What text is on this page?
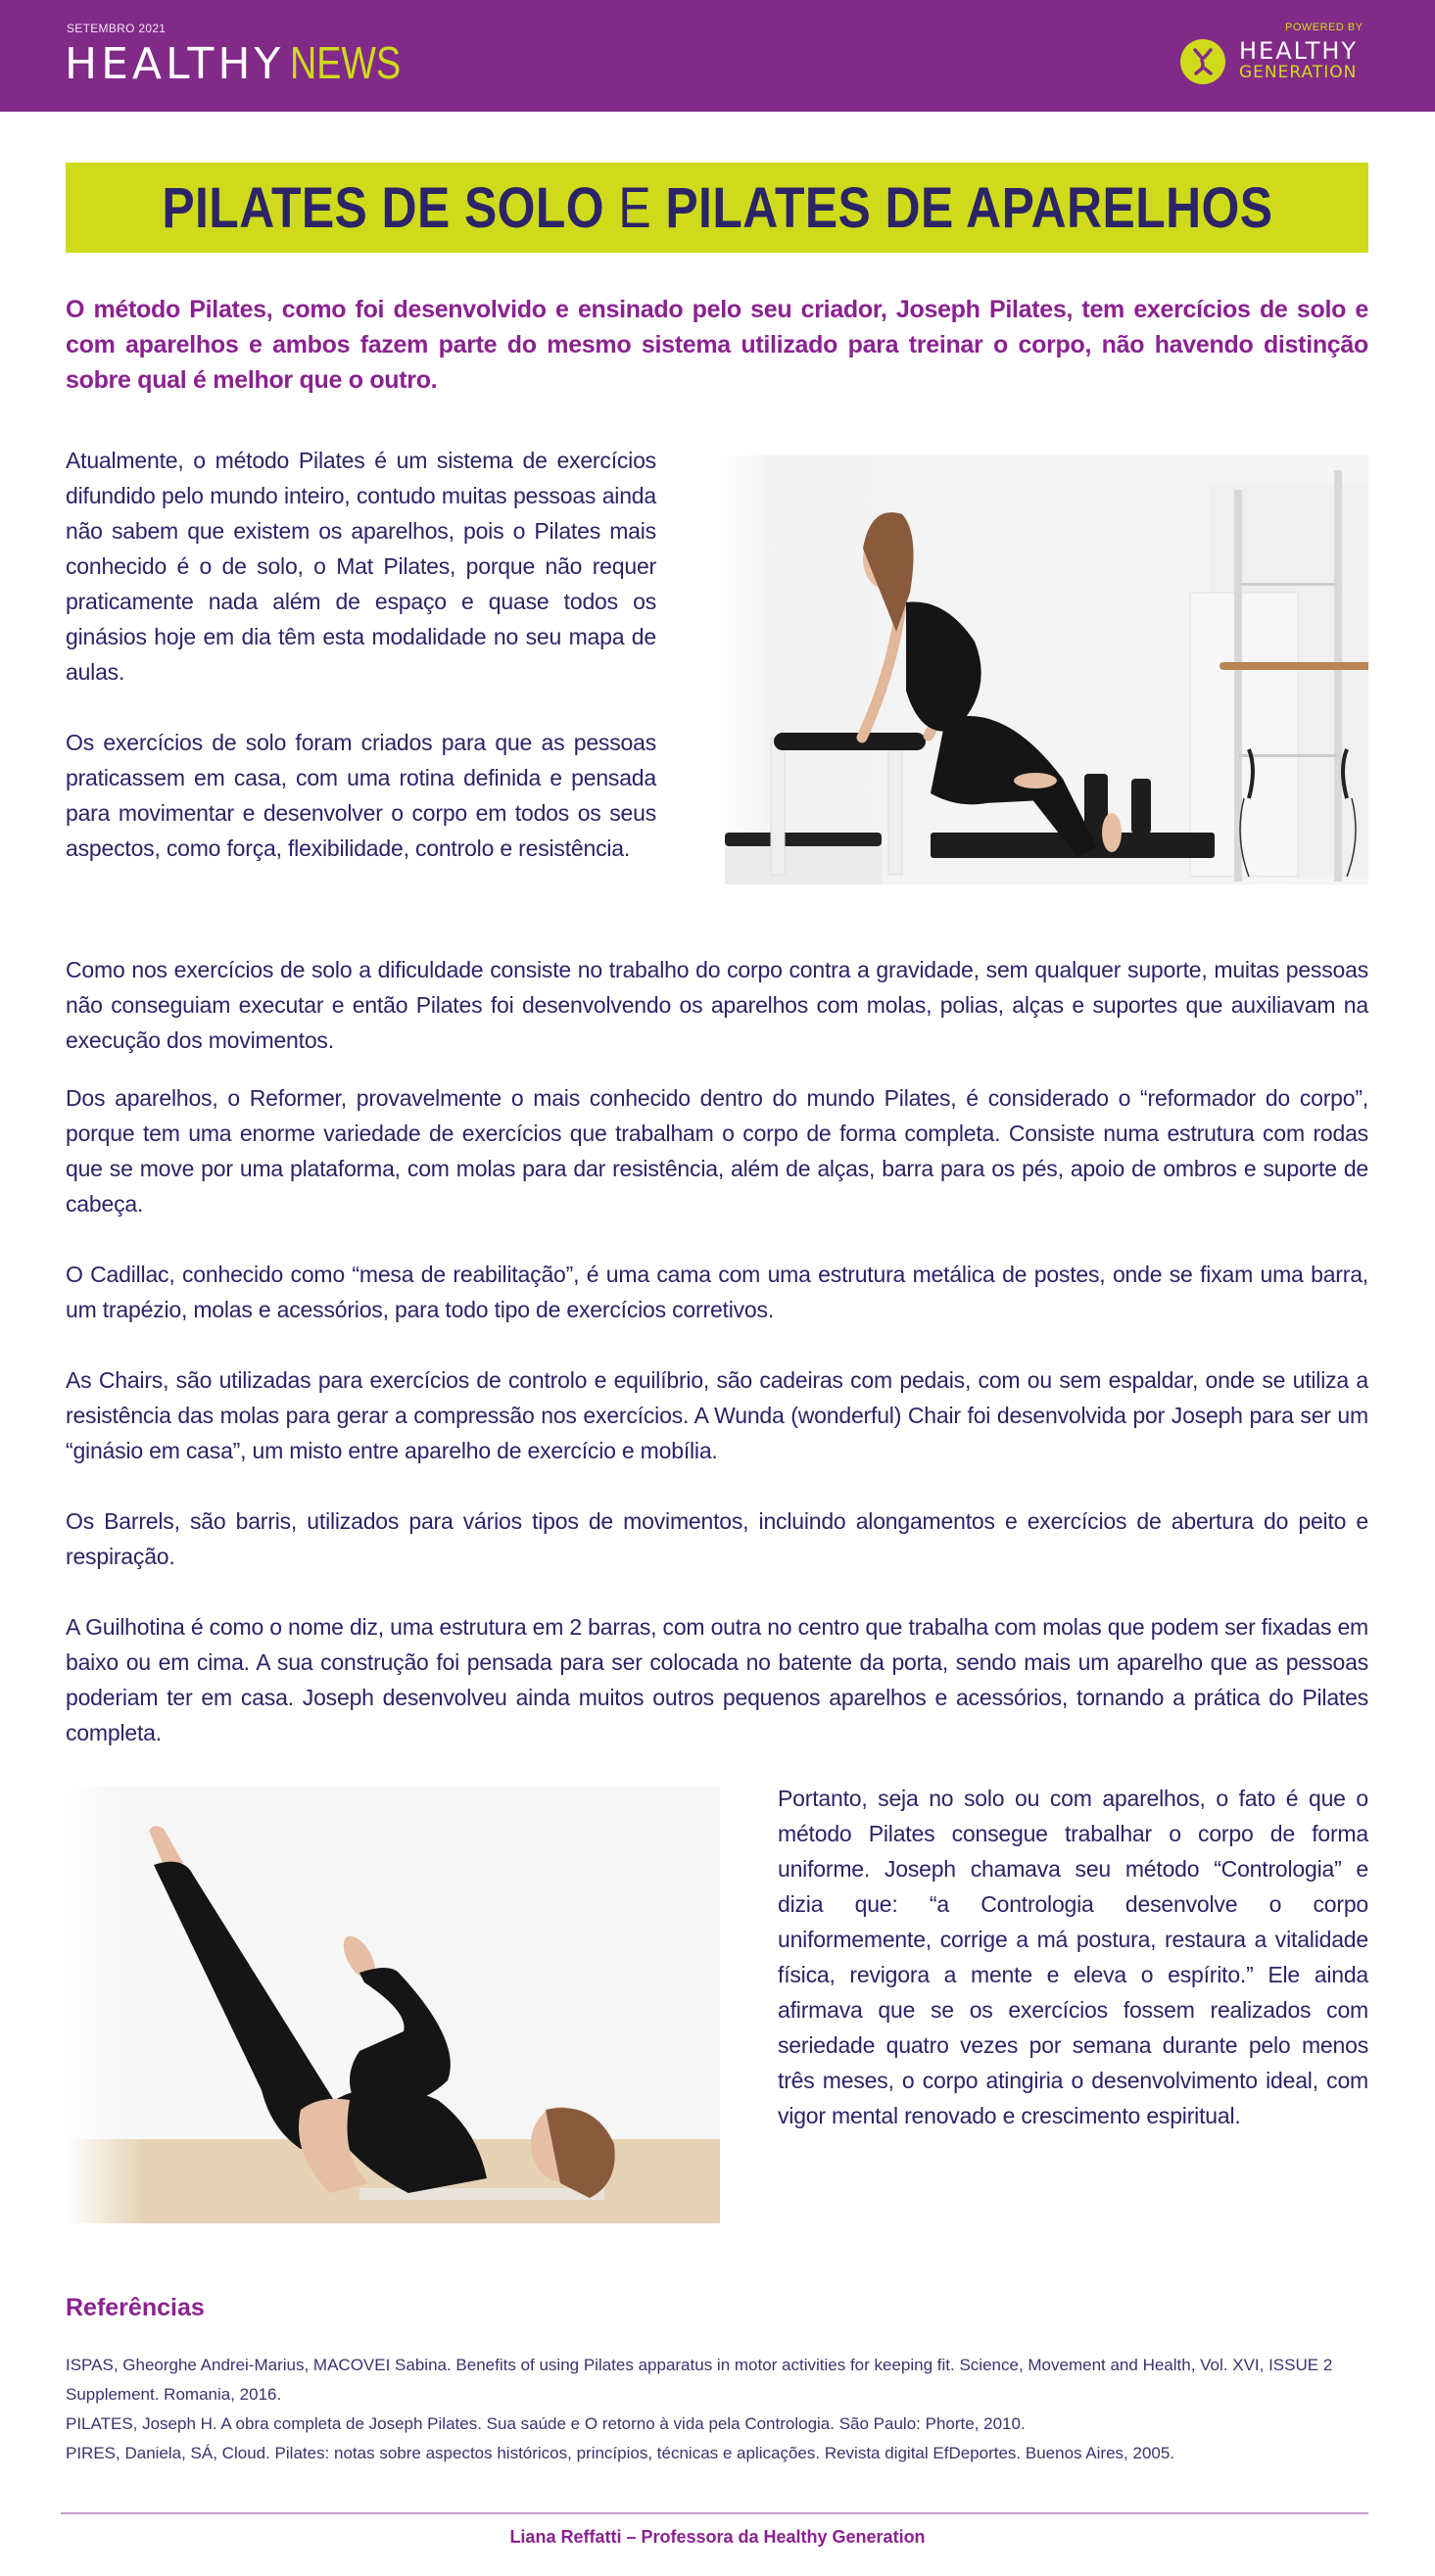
SETEMBRO 2021
HEALTHY NEWS
POWERED BY
HEALTHY
GENERATION
PILATES DE SOLO E PILATES DE APARELHOS

O método Pilates, como foi desenvolvido e ensinado pelo seu criador, Joseph Pilates, tem exercícios de solo e com aparelhos e ambos fazem parte do mesmo sistema utilizado para treinar o corpo, não havendo distinção sobre qual é melhor que o outro.

Atualmente, o método Pilates é um sistema de exercícios difundido pelo mundo inteiro, contudo muitas pessoas ainda não sabem que existem os aparelhos, pois o Pilates mais conhecido é o de solo, o Mat Pilates, porque não requer praticamente nada além de espaço e quase todos os ginásios hoje em dia têm esta modalidade no seu mapa de aulas.

Os exercícios de solo foram criados para que as pessoas praticassem em casa, com uma rotina definida e pensada para movimentar e desenvolver o corpo em todos os seus aspectos, como força, flexibilidade, controlo e resistência.

Como nos exercícios de solo a dificuldade consiste no trabalho do corpo contra a gravidade, sem qualquer suporte, muitas pessoas não conseguiam executar e então Pilates foi desenvolvendo os aparelhos com molas, polias, alças e suportes que auxiliavam na execução dos movimentos.

Dos aparelhos, o Reformer, provavelmente o mais conhecido dentro do mundo Pilates, é considerado o “reformador do corpo”, porque tem uma enorme variedade de exercícios que trabalham o corpo de forma completa. Consiste numa estrutura com rodas que se move por uma plataforma, com molas para dar resistência, além de alças, barra para os pés, apoio de ombros e suporte de cabeça.

O Cadillac, conhecido como “mesa de reabilitação”, é uma cama com uma estrutura metálica de postes, onde se fixam uma barra, um trapézio, molas e acessórios, para todo tipo de exercícios corretivos.

As Chairs, são utilizadas para exercícios de controlo e equilíbrio, são cadeiras com pedais, com ou sem espaldar, onde se utiliza a resistência das molas para gerar a compressão nos exercícios. A Wunda (wonderful) Chair foi desenvolvida por Joseph para ser um “ginásio em casa”, um misto entre aparelho de exercício e mobília.

Os Barrels, são barris, utilizados para vários tipos de movimentos, incluindo alongamentos e exercícios de abertura do peito e respiração.

A Guilhotina é como o nome diz, uma estrutura em 2 barras, com outra no centro que trabalha com molas que podem ser fixadas em baixo ou em cima. A sua construção foi pensada para ser colocada no batente da porta, sendo mais um aparelho que as pessoas poderiam ter em casa. Joseph desenvolveu ainda muitos outros pequenos aparelhos e acessórios, tornando a prática do Pilates completa.

Portanto, seja no solo ou com aparelhos, o fato é que o método Pilates consegue trabalhar o corpo de forma uniforme. Joseph chamava seu método “Contrologia” e dizia que: “a Contrologia desenvolve o corpo uniformemente, corrige a má postura, restaura a vitalidade física, revigora a mente e eleva o espírito.” Ele ainda afirmava que se os exercícios fossem realizados com seriedade quatro vezes por semana durante pelo menos três meses, o corpo atingiria o desenvolvimento ideal, com vigor mental renovado e crescimento espiritual.

Referências
ISPAS, Gheorghe Andrei-Marius, MACOVEI Sabina. Benefits of using Pilates apparatus in motor activities for keeping fit. Science, Movement and Health, Vol. XVI, ISSUE 2 Supplement. Romania, 2016.
PILATES, Joseph H. A obra completa de Joseph Pilates. Sua saúde e O retorno à vida pela Contrologia. São Paulo: Phorte, 2010.
PIRES, Daniela, SÁ, Cloud. Pilates: notas sobre aspectos históricos, princípios, técnicas e aplicações. Revista digital EfDeportes. Buenos Aires, 2005.
Liana Reffatti – Professora da Healthy Generation
